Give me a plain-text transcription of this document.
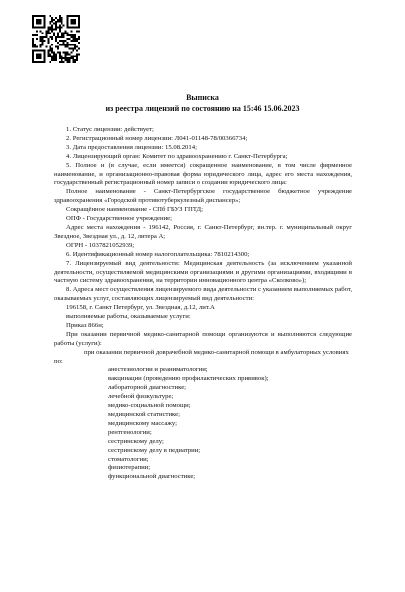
Выписка
из реестра лицензий по состоянию на 15:46 15.06.2023

1. Статус лицензии: действует;

2. Регистрационный номер лицензии: Л041-01148-78/00366734;

3. Дата предоставления лицензии: 15.08.2014;

4. Лицензирующий орган: Комитет по здравоохранению г. Санкт-Петербурга;

5. Полное и (в случае, если имеется) сокращенное наименование, в том числе фирменное наименование, и организационно-правовая форма юридического лица, адрес его места нахождения, государственный регистрационный номер записи о создании юридического лица:

Полное наименование - Санкт-Петербургское государственное бюджетное учреждение здравоохранения «Городской противотуберкулезный диспансер»;

Сокращённое наименование - СПб ГБУЗ ГПТД;

ОПФ - Государственное учреждение;

Адрес места нахождения - 196142, Россия, г. Санкт-Петербург, вн.тер. г. муниципальный округ Звездное, Звездная ул., д. 12, литера А;

ОГРН - 1037821052939;

6. Идентификационный номер налогоплательщика: 7810214300;

7. Лицензируемый вид деятельности: Медицинская деятельность (за исключением указанной деятельности, осуществляемой медицинскими организациями и другими организациями, входящими в частную систему здравоохранения, на территории инновационного центра «Сколково»);

8. Адреса мест осуществления лицензируемого вида деятельности с указанием выполняемых работ, оказываемых услуг, составляющих лицензируемый вид деятельности:

196158, г. Санкт Петербург, ул. Звездная, д.12, лит.А

выполняемые работы, оказываемые услуги:

Приказ 866н;

При оказании первичной медико-санитарной помощи организуются и выполняются следующие работы (услуги):

при оказании первичной доврачебной медико-санитарной помощи в амбулаторных условиях по:

анестезиологии и реаниматологии;
вакцинации (проведению профилактических прививок);
лабораторной диагностике;
лечебной физкультуре;
медико-социальной помощи;
медицинской статистике;
медицинскому массажу;
рентгенологии;
сестринскому делу;
сестринскому делу в педиатрии;
стоматологии;
физиотерапии;
функциональной диагностике;
